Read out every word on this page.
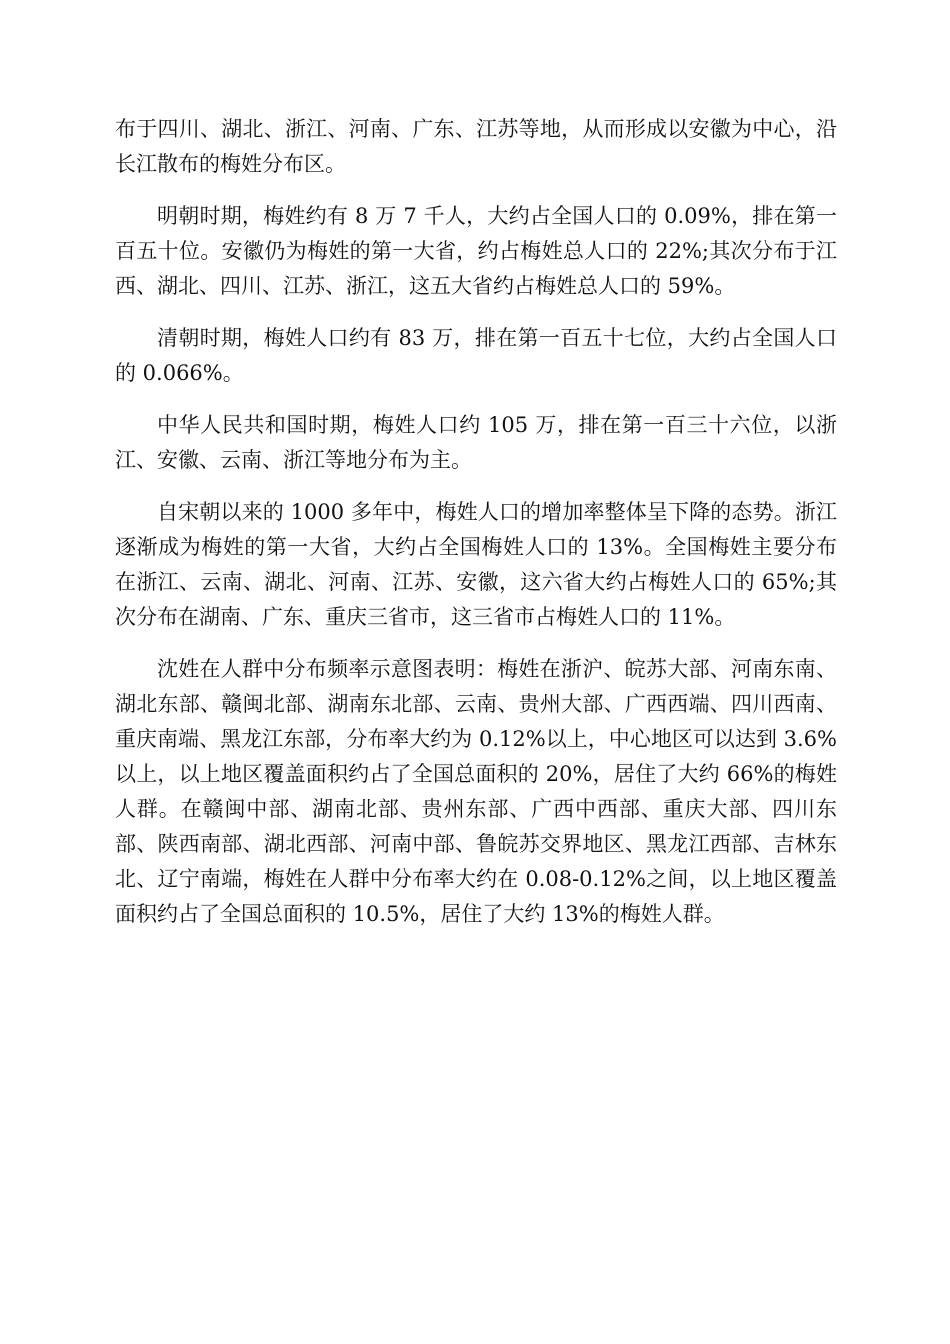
布于四川、湖北、浙江、河南、广东、江苏等地，从而形成以安徽为中心，沿长江散布的梅姓分布区。

明朝时期，梅姓约有 8 万 7 千人，大约占全国人口的 0.09%，排在第一百五十位。安徽仍为梅姓的第一大省，约占梅姓总人口的 22%;其次分布于江西、湖北、四川、江苏、浙江，这五大省约占梅姓总人口的 59%。

清朝时期，梅姓人口约有 83 万，排在第一百五十七位，大约占全国人口的 0.066%。

中华人民共和国时期，梅姓人口约 105 万，排在第一百三十六位，以浙江、安徽、云南、浙江等地分布为主。

自宋朝以来的 1000 多年中，梅姓人口的增加率整体呈下降的态势。浙江逐渐成为梅姓的第一大省，大约占全国梅姓人口的 13%。全国梅姓主要分布在浙江、云南、湖北、河南、江苏、安徽，这六省大约占梅姓人口的 65%;其次分布在湖南、广东、重庆三省市，这三省市占梅姓人口的 11%。

沈姓在人群中分布频率示意图表明：梅姓在浙沪、皖苏大部、河南东南、湖北东部、赣闽北部、湖南东北部、云南、贵州大部、广西西端、四川西南、重庆南端、黑龙江东部，分布率大约为 0.12%以上，中心地区可以达到 3.6%以上，以上地区覆盖面积约占了全国总面积的 20%，居住了大约 66%的梅姓人群。在赣闽中部、湖南北部、贵州东部、广西中西部、重庆大部、四川东部、陕西南部、湖北西部、河南中部、鲁皖苏交界地区、黑龙江西部、吉林东北、辽宁南端，梅姓在人群中分布率大约在 0.08-0.12%之间，以上地区覆盖面积约占了全国总面积的 10.5%，居住了大约 13%的梅姓人群。
